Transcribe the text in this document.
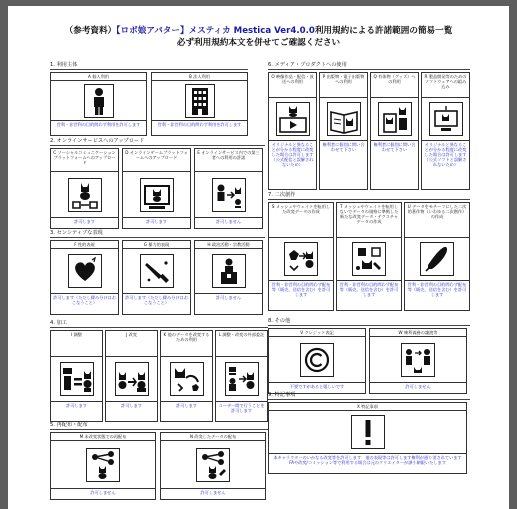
（参考資料）【ロボ娘アバター】メスティカ Mestica Ver4.0.0利用規約による許諾範囲の簡易一覧
必ず利用規約本文を併せてご確認ください
1. 利用主体
A 個人利用
営利・非営利の目的問わず利用を許可します
B 法人利用
営利・非営利の目的問わず利用を許可します
2. オンラインサービスへのアップロード
C ソーシャルコミュニケーションプラットフォームへのアップロード
許可します
D オンラインゲームプラットフォームへのアップロード
許可します
E オンラインサービス内での第三者への利用の許諾
許可しません
3. センシティブな表現
F 性的表現
許可します（ただし棲み分けはおこなうこと）
G 暴力的表現
許可します（ただし棲み分けはおこなうこと）
H 政治活動・宗教活動
許可しません
4. 加工
I 調整
許可します
J 改変
許可します
K 他のデータを改変するための利用
許可します
L 調整・改変の外部委託
ユーザー間で行うことを許可します
5. 再配布・配布
M 未改変状態での再配布
許可しません
N 改変したデータの配布
許可しません
6. メディア・プロダクトへの使用
O 映像作品・配信・放送への利用
オリジナルと異なることが分かる程度に改変した場合は許可します（公式配信と誤解されないため）
P 出版物・電子出版物への利用
権利者に個別に問い合わせて下さい
Q 有体物（グッズ）への利用
権利者に個別に問い合わせて下さい
R 製品開発等のためのソフトウェアへの組み込み
オリジナルと異なることが分かる程度に改変した場合は許可します（公式ソフトと誤解されないため）
7. 二次創作
S メッシュやウェイトを転用した改変データの作成
営利・非営利の目的問わず配布等（販売、送信を含む）を許可します
T メッシュやウェイトを転用しないでデータの規格に準拠した新たな改変データ・テクスチャデータの作成
営利・非営利の目的問わず配布等（販売、送信を含む）を許可します
U データをモチーフにした二次的著作物（いわゆる二次創作）の作成
営利・非営利の目的問わず配布等（販売、送信を含む）を許可します
8. その他
V クレジット表記
不要ですがあると嬉しいです
W 権利義務の譲渡等
許可しません
9. 特記事項
X 特記事項
本キャラクターのいかなる改変等を許可します　他の表現等は許可します権利が通り消されています　FAや改変/コミッション等で利用する場合は元のクリエイターが課小制限いたします
